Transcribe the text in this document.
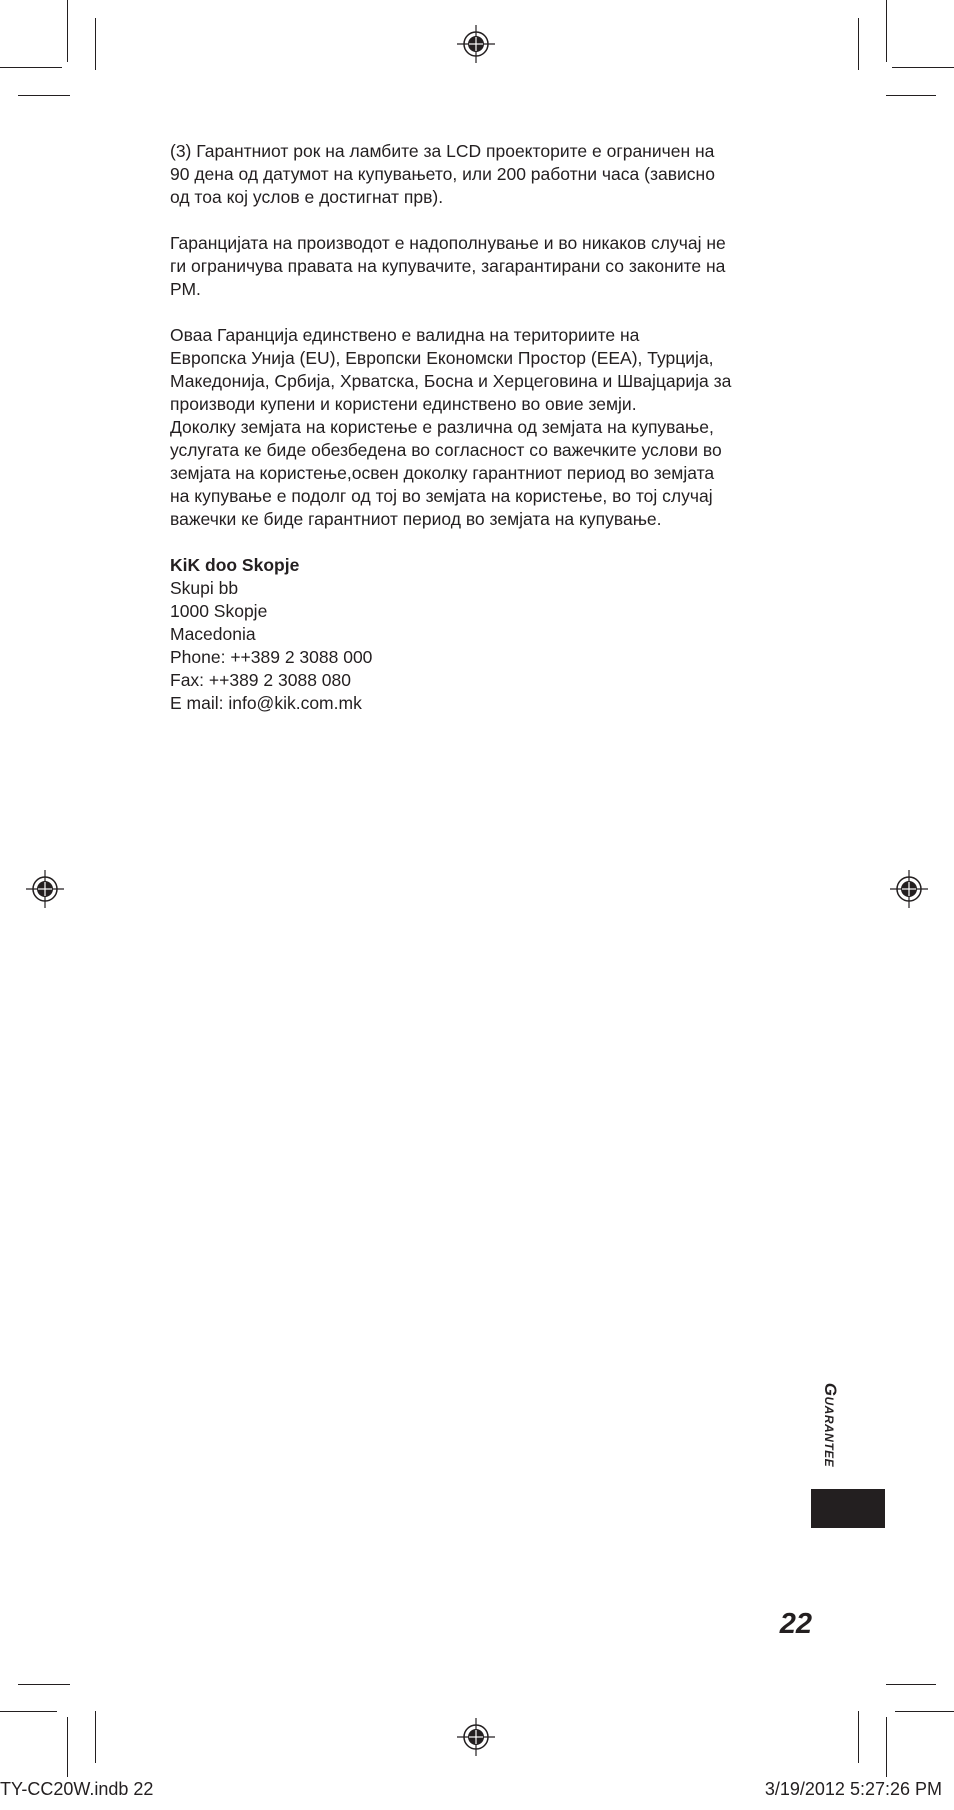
(3) Гарантниот рок на ламбите за LCD проекторите е ограничен на
90 дена од датумот на купувањето, или 200 работни часа (зависно
од тоа кој услов е достигнат прв).

Гаранцијата на производот е надополнување и во никаков случај не
ги ограничува правата на купувачите, загарантирани со законите на
РМ.

Оваа Гаранција единствено е валидна на териториите на
Европска Унија (EU), Европски Економски Простор (EEA), Турција,
Македонија, Србија, Хрватска, Босна и Херцеговина и Швајцарија за
производи купени и користени единствено во овие земји.
Доколку земјата на користење е различна од земјата на купување,
услугата ке биде обезбедена во согласност со важечките услови во
земјата на користење,освен доколку гарантниот период во земјата
на купување е подолг од тој во земјата на користење, во тој случај
важечки ке биде гарантниот период во земјата на купување.

KiK doo Skopje
Skupi bb
1000 Skopje
Macedonia
Phone: ++389 2 3088 000
Fax: ++389 2 3088 080
E mail: info@kik.com.mk
Guarantee
22
TY-CC20W.indb 22	3/19/2012 5:27:26 PM
